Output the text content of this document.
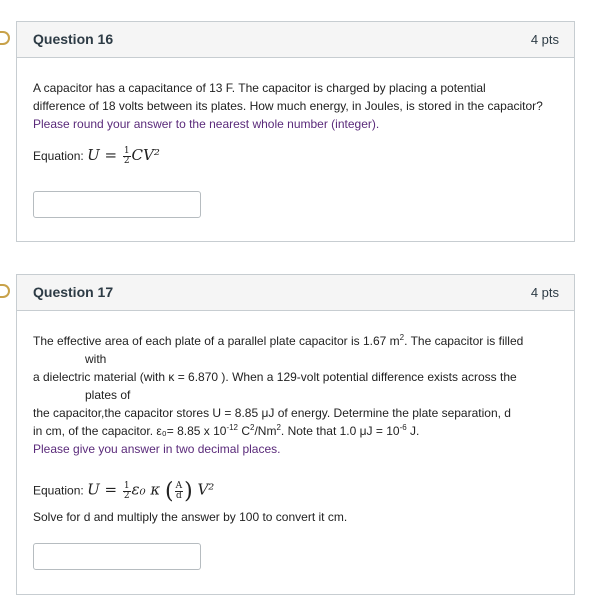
Question 16	4 pts
A capacitor has a capacitance of 13 F. The capacitor is charged by placing a potential
difference of 18 volts between its plates. How much energy, in Joules, is stored in the capacitor?
Please round your answer to the nearest whole number (integer).
Equation: $U = \frac{1}{2} CV^2$
Question 17	4 pts
The effective area of each plate of a parallel plate capacitor is 1.67 $m^2$. The capacitor is filled
with
a dielectric material (with κ = 6.870 ). When a 129-volt potential difference exists across the
plates of
the capacitor,the capacitor stores U = 8.85 μJ of energy. Determine the plate separation, d
in cm, of the capacitor. ε₀= 8.85 x $10^{-12}$ $C^2/Nm^2$. Note that 1.0 $\mu J = 10^{-6}$ J.
Please give you answer in two decimal places.
Equation: $U = \frac{1}{2} \varepsilon_0$ κ ( $\frac{A}{d}$ ) V²
Solve for d and multiply the answer by 100 to convert it cm.
